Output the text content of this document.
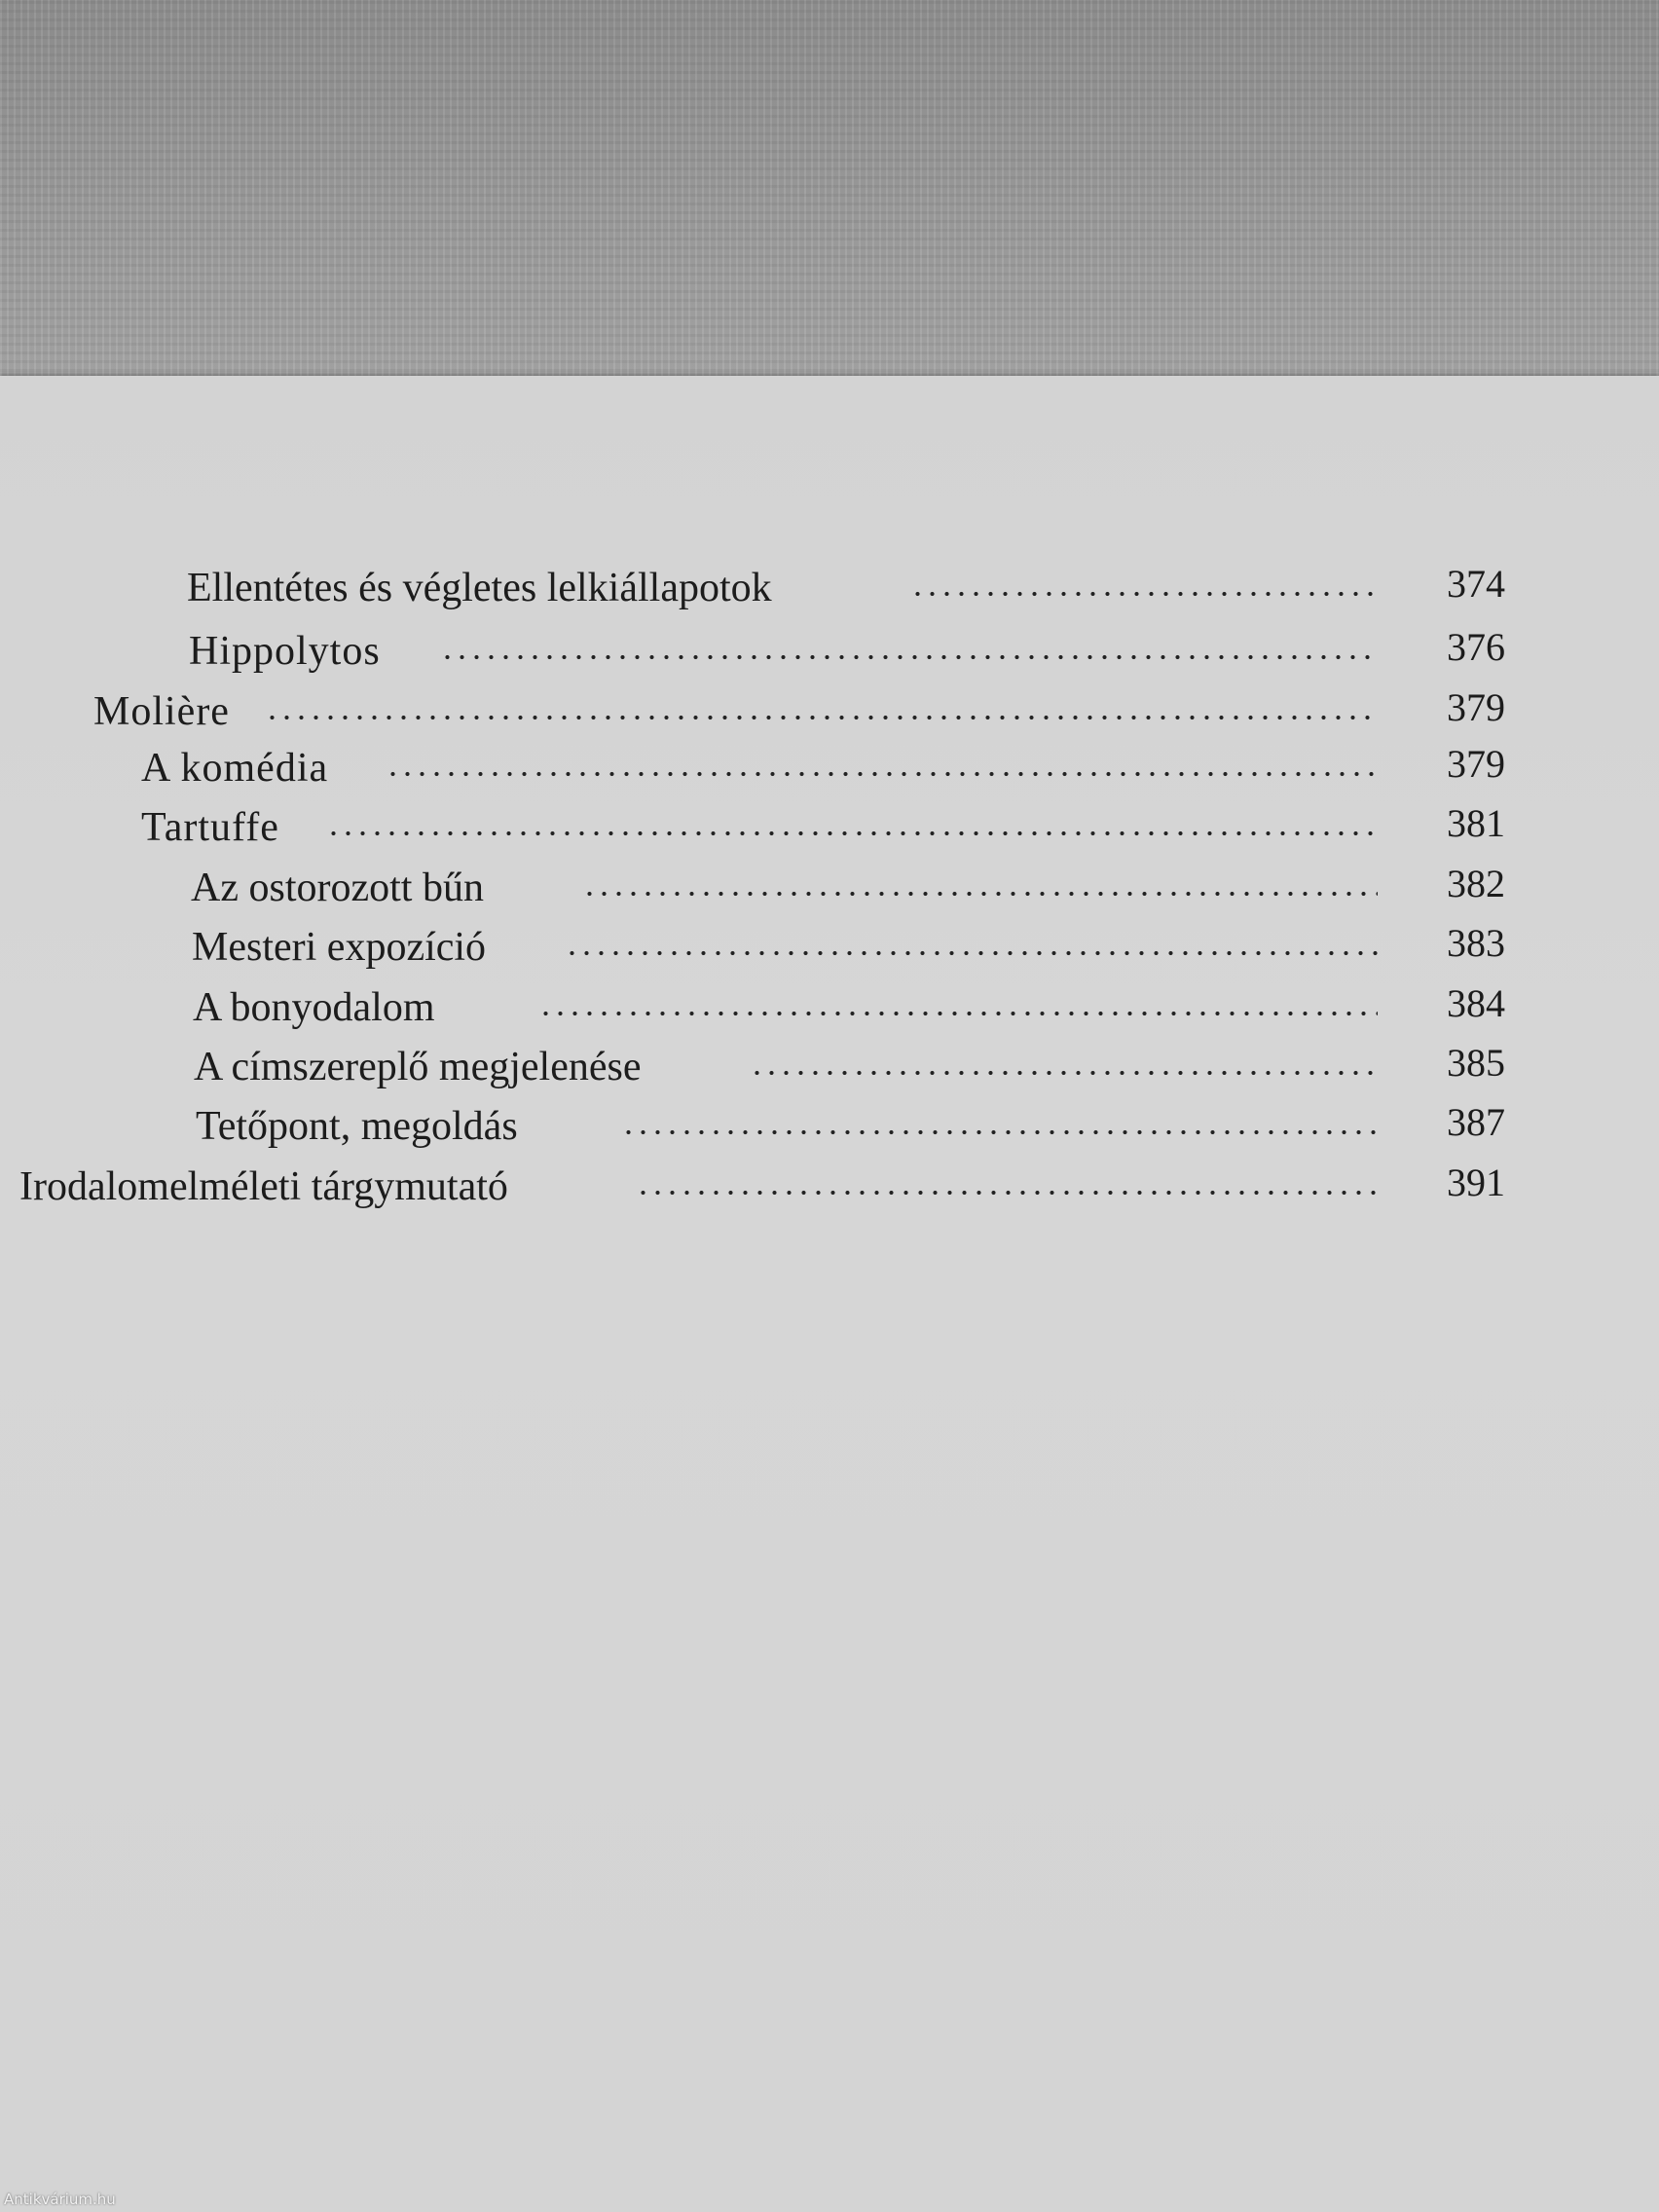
Ellentétes és végletes lelkiállapotok	374
Hippolytos	376
Molière	379
A komédia	379
Tartuffe	381
Az ostorozott bűn	382
Mesteri expozíció	383
A bonyodalom	384
A címszereplő megjelenése	385
Tetőpont, megoldás	387
Irodalomelméleti tárgymutató	391
Antikvárium.hu
